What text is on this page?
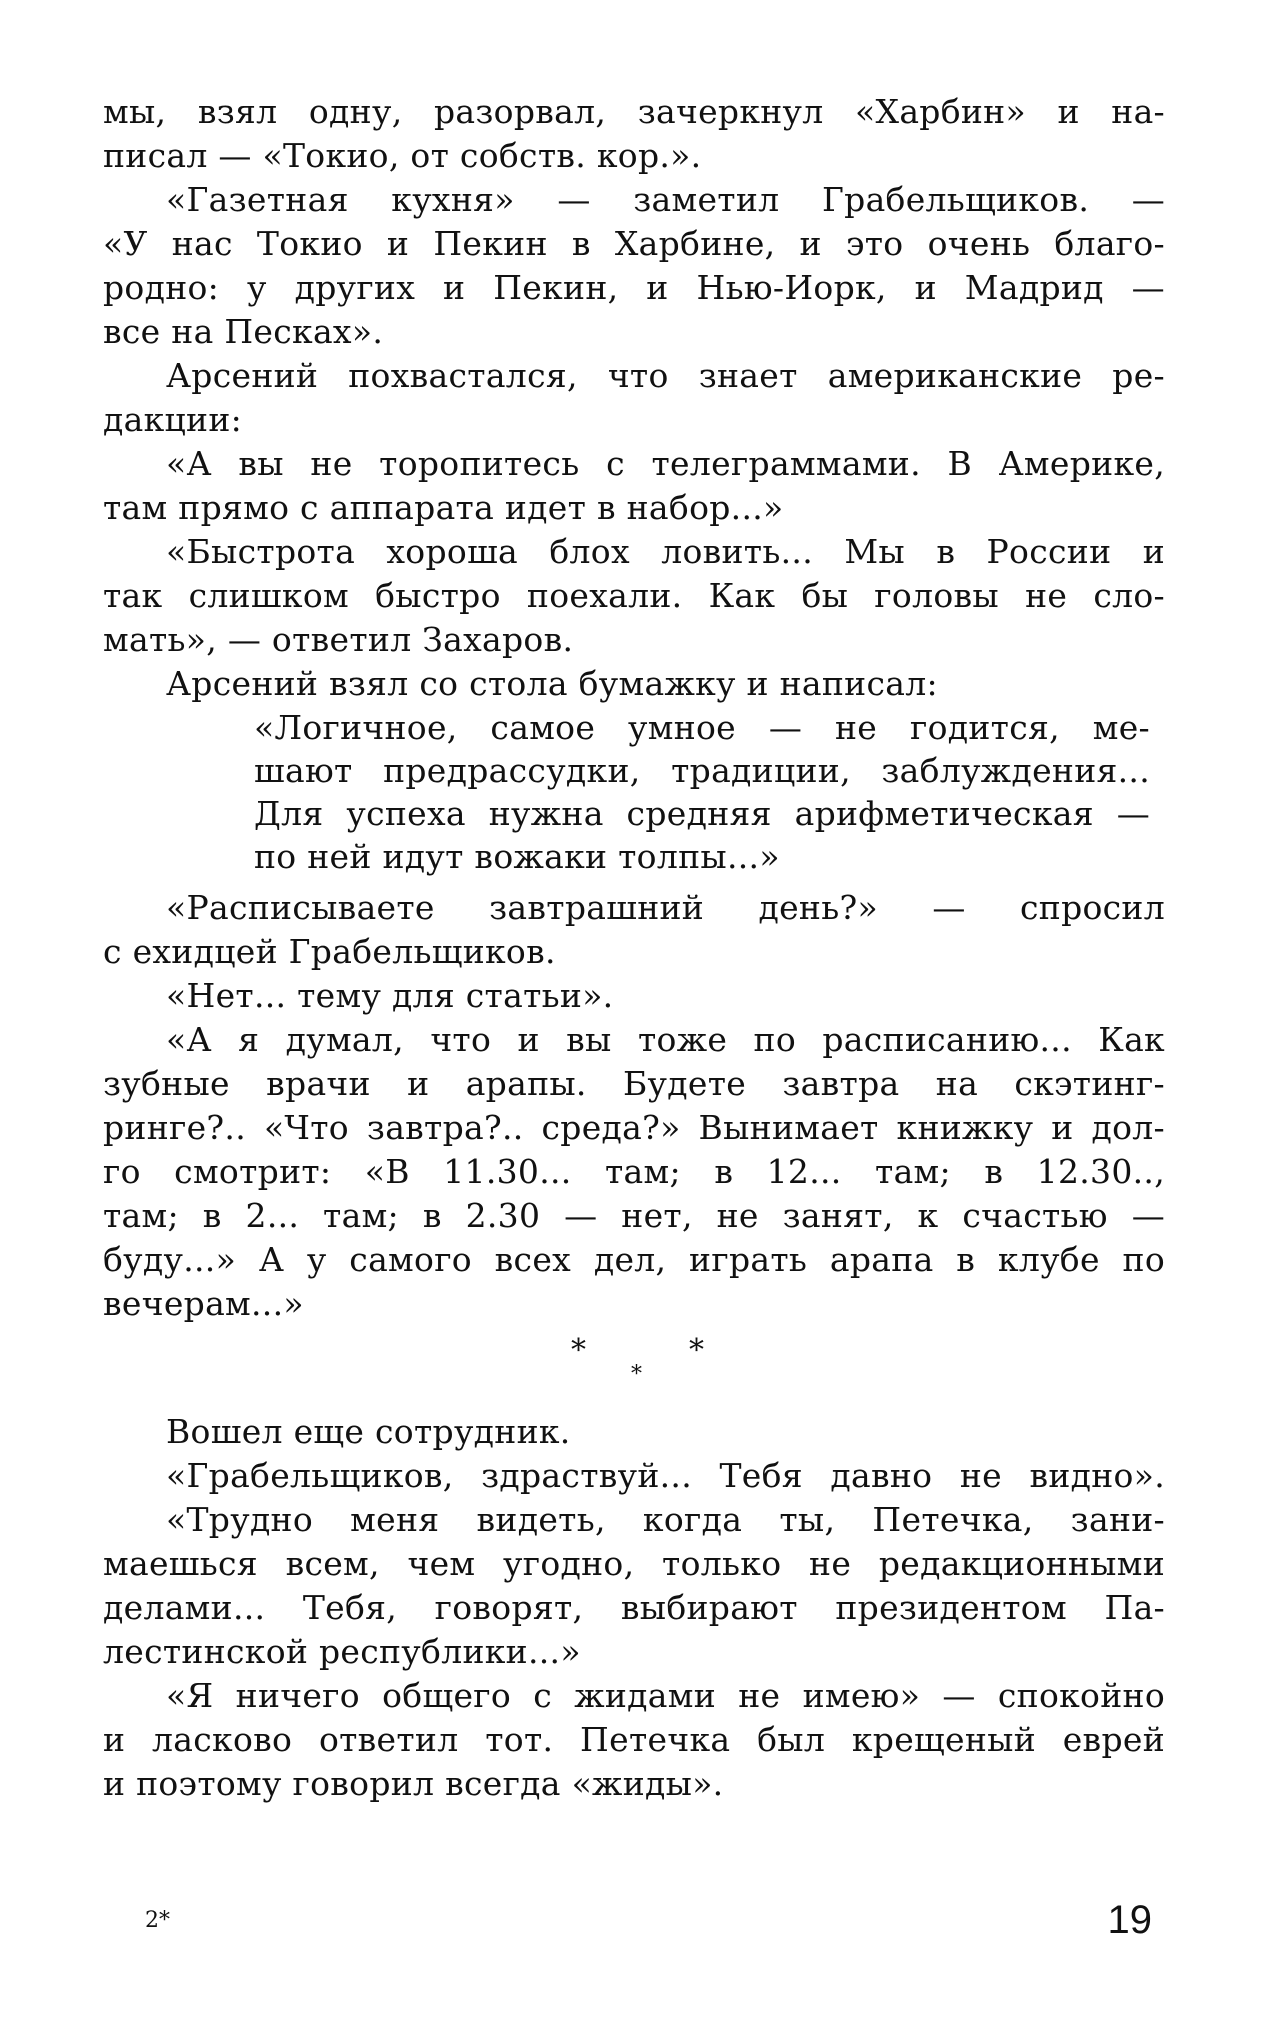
мы, взял одну, разорвал, зачеркнул «Харбин» и на-
писал — «Токио, от собств. кор.».
«Газетная кухня» — заметил Грабельщиков. —
«У нас Токио и Пекин в Харбине, и это очень благо-
родно: у других и Пекин, и Нью-Иорк, и Мадрид —
все на Песках».
Арсений похвастался, что знает американские ре-
дакции:
«А вы не торопитесь с телеграммами. В Америке,
там прямо с аппарата идет в набор...»
«Быстрота хороша блох ловить... Мы в России и
так слишком быстро поехали. Как бы головы не сло-
мать», — ответил Захаров.
Арсений взял со стола бумажку и написал:
«Логичное, самое умное — не годится, ме-
шают предрассудки, традиции, заблуждения...
Для успеха нужна средняя арифметическая —
по ней идут вожаки толпы...»
«Расписываете завтрашний день?» — спросил
с ехидцей Грабельщиков.
«Нет... тему для статьи».
«А я думал, что и вы тоже по расписанию... Как
зубные врачи и арапы. Будете завтра на скэтинг-
ринге?.. «Что завтра?.. среда?» Вынимает книжку и дол-
го смотрит: «В 11.30... там; в 12... там; в 12.30..,
там; в 2... там; в 2.30 — нет, не занят, к счастью —
буду...» А у самого всех дел, играть арапа в клубе по
вечерам...»
*	*
*
Вошел еще сотрудник.
«Грабельщиков, здраствуй... Тебя давно не видно».
«Трудно меня видеть, когда ты, Петечка, зани-
маешься всем, чем угодно, только не редакционными
делами... Тебя, говорят, выбирают президентом Па-
лестинской республики...»
«Я ничего общего с жидами не имею» — спокойно
и ласково ответил тот. Петечка был крещеный еврей
и поэтому говорил всегда «жиды».
2*	19
